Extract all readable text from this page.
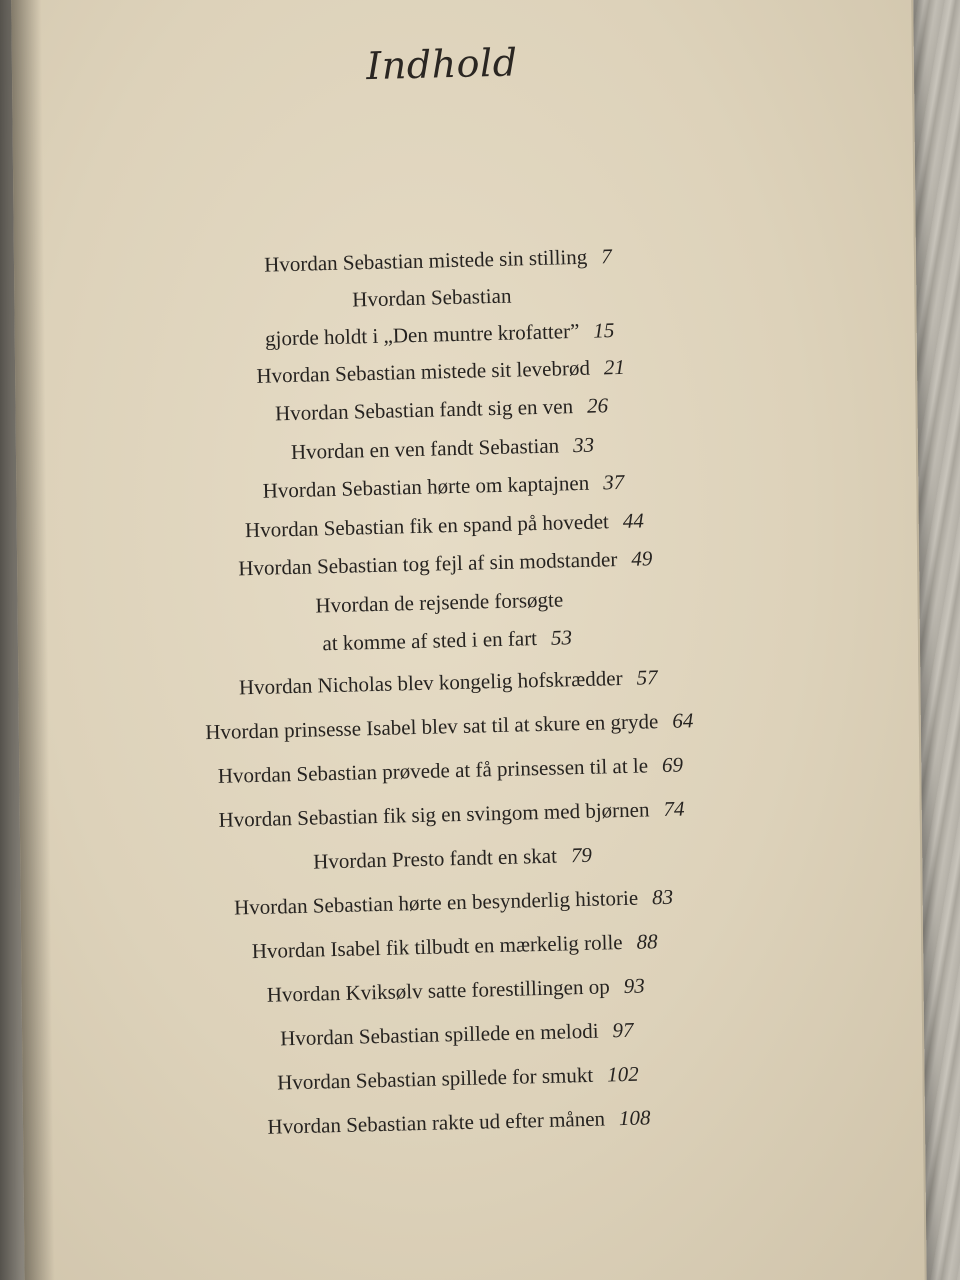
Indhold
Hvordan Sebastian mistede sin stilling 7
Hvordan Sebastian
gjorde holdt i „Den muntre krofatter” 15
Hvordan Sebastian mistede sit levebrød 21
Hvordan Sebastian fandt sig en ven 26
Hvordan en ven fandt Sebastian 33
Hvordan Sebastian hørte om kaptajnen 37
Hvordan Sebastian fik en spand på hovedet 44
Hvordan Sebastian tog fejl af sin modstander 49
Hvordan de rejsende forsøgte
at komme af sted i en fart 53
Hvordan Nicholas blev kongelig hofskrædder 57
Hvordan prinsesse Isabel blev sat til at skure en gryde 64
Hvordan Sebastian prøvede at få prinsessen til at le 69
Hvordan Sebastian fik sig en svingom med bjørnen 74
Hvordan Presto fandt en skat 79
Hvordan Sebastian hørte en besynderlig historie 83
Hvordan Isabel fik tilbudt en mærkelig rolle 88
Hvordan Kviksølv satte forestillingen op 93
Hvordan Sebastian spillede en melodi 97
Hvordan Sebastian spillede for smukt 102
Hvordan Sebastian rakte ud efter månen 108
